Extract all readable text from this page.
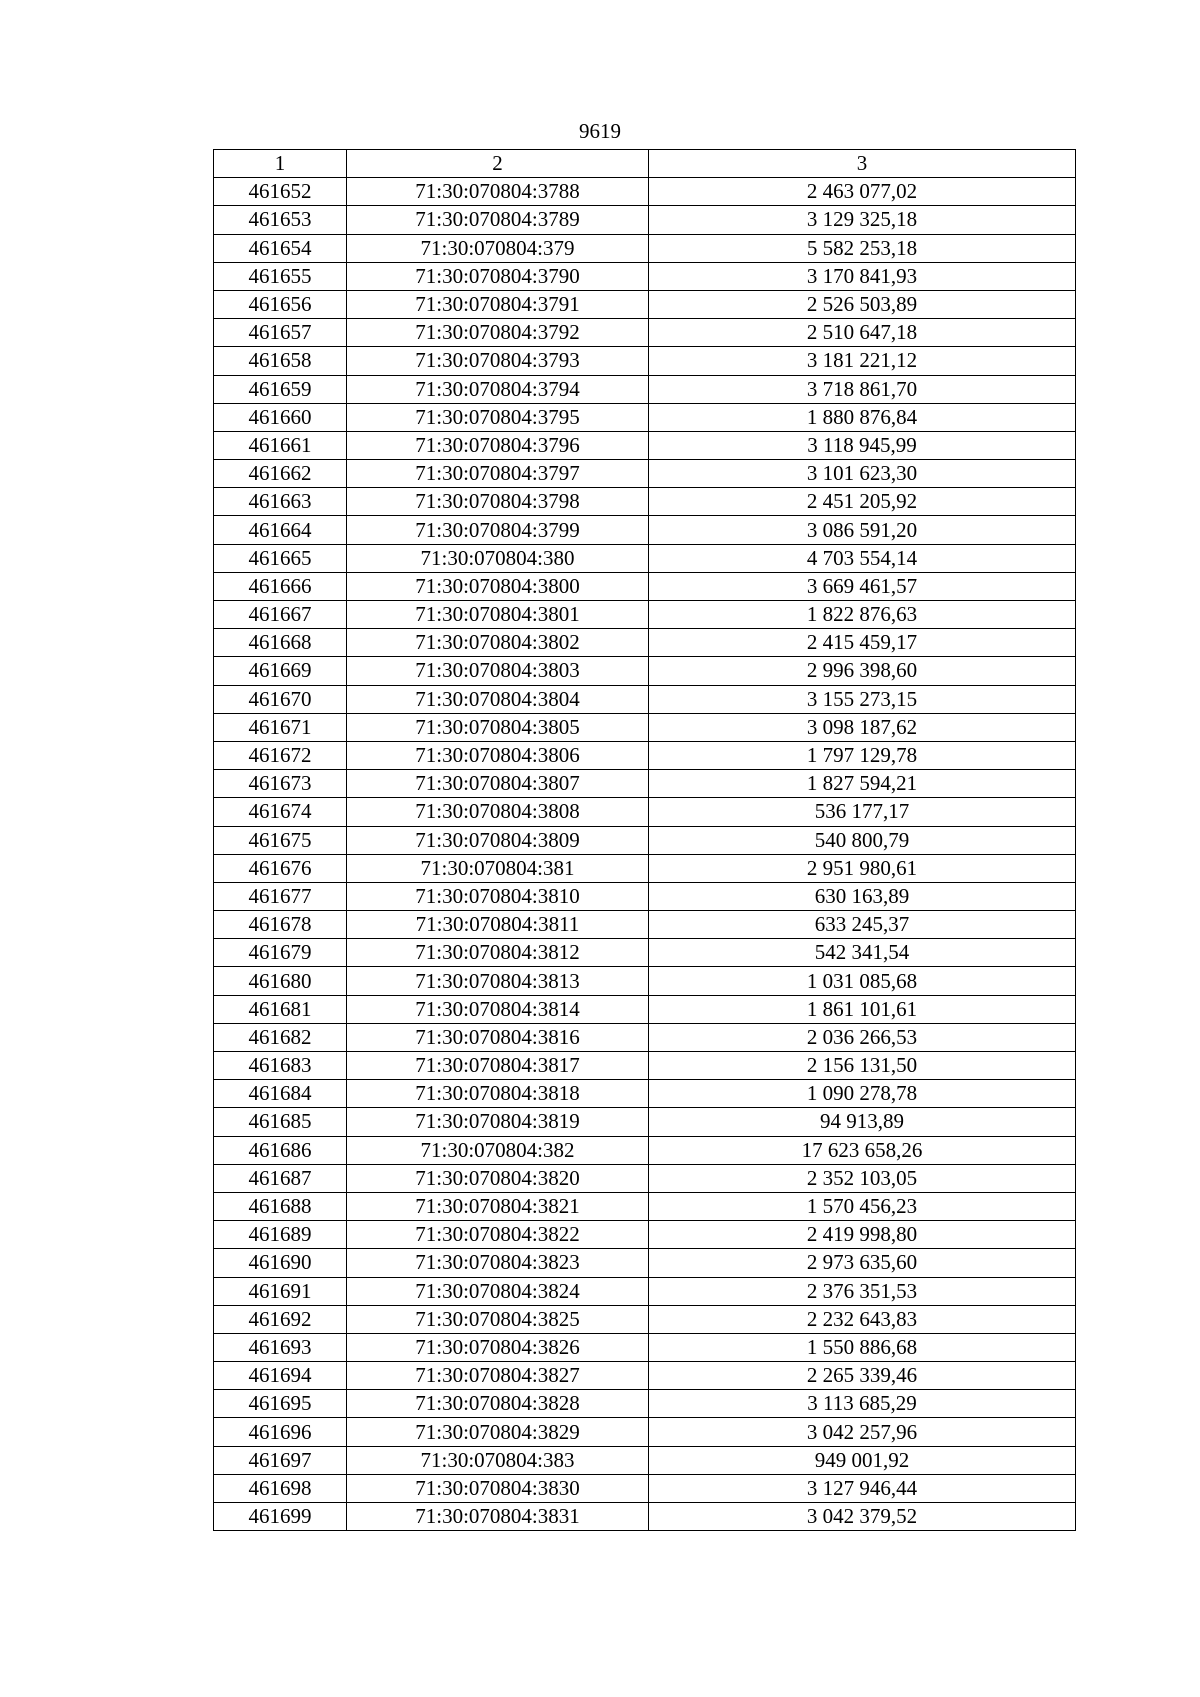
9619
1	2	3
461652	71:30:070804:3788	2 463 077,02
461653	71:30:070804:3789	3 129 325,18
461654	71:30:070804:379	5 582 253,18
461655	71:30:070804:3790	3 170 841,93
461656	71:30:070804:3791	2 526 503,89
461657	71:30:070804:3792	2 510 647,18
461658	71:30:070804:3793	3 181 221,12
461659	71:30:070804:3794	3 718 861,70
461660	71:30:070804:3795	1 880 876,84
461661	71:30:070804:3796	3 118 945,99
461662	71:30:070804:3797	3 101 623,30
461663	71:30:070804:3798	2 451 205,92
461664	71:30:070804:3799	3 086 591,20
461665	71:30:070804:380	4 703 554,14
461666	71:30:070804:3800	3 669 461,57
461667	71:30:070804:3801	1 822 876,63
461668	71:30:070804:3802	2 415 459,17
461669	71:30:070804:3803	2 996 398,60
461670	71:30:070804:3804	3 155 273,15
461671	71:30:070804:3805	3 098 187,62
461672	71:30:070804:3806	1 797 129,78
461673	71:30:070804:3807	1 827 594,21
461674	71:30:070804:3808	536 177,17
461675	71:30:070804:3809	540 800,79
461676	71:30:070804:381	2 951 980,61
461677	71:30:070804:3810	630 163,89
461678	71:30:070804:3811	633 245,37
461679	71:30:070804:3812	542 341,54
461680	71:30:070804:3813	1 031 085,68
461681	71:30:070804:3814	1 861 101,61
461682	71:30:070804:3816	2 036 266,53
461683	71:30:070804:3817	2 156 131,50
461684	71:30:070804:3818	1 090 278,78
461685	71:30:070804:3819	94 913,89
461686	71:30:070804:382	17 623 658,26
461687	71:30:070804:3820	2 352 103,05
461688	71:30:070804:3821	1 570 456,23
461689	71:30:070804:3822	2 419 998,80
461690	71:30:070804:3823	2 973 635,60
461691	71:30:070804:3824	2 376 351,53
461692	71:30:070804:3825	2 232 643,83
461693	71:30:070804:3826	1 550 886,68
461694	71:30:070804:3827	2 265 339,46
461695	71:30:070804:3828	3 113 685,29
461696	71:30:070804:3829	3 042 257,96
461697	71:30:070804:383	949 001,92
461698	71:30:070804:3830	3 127 946,44
461699	71:30:070804:3831	3 042 379,52
